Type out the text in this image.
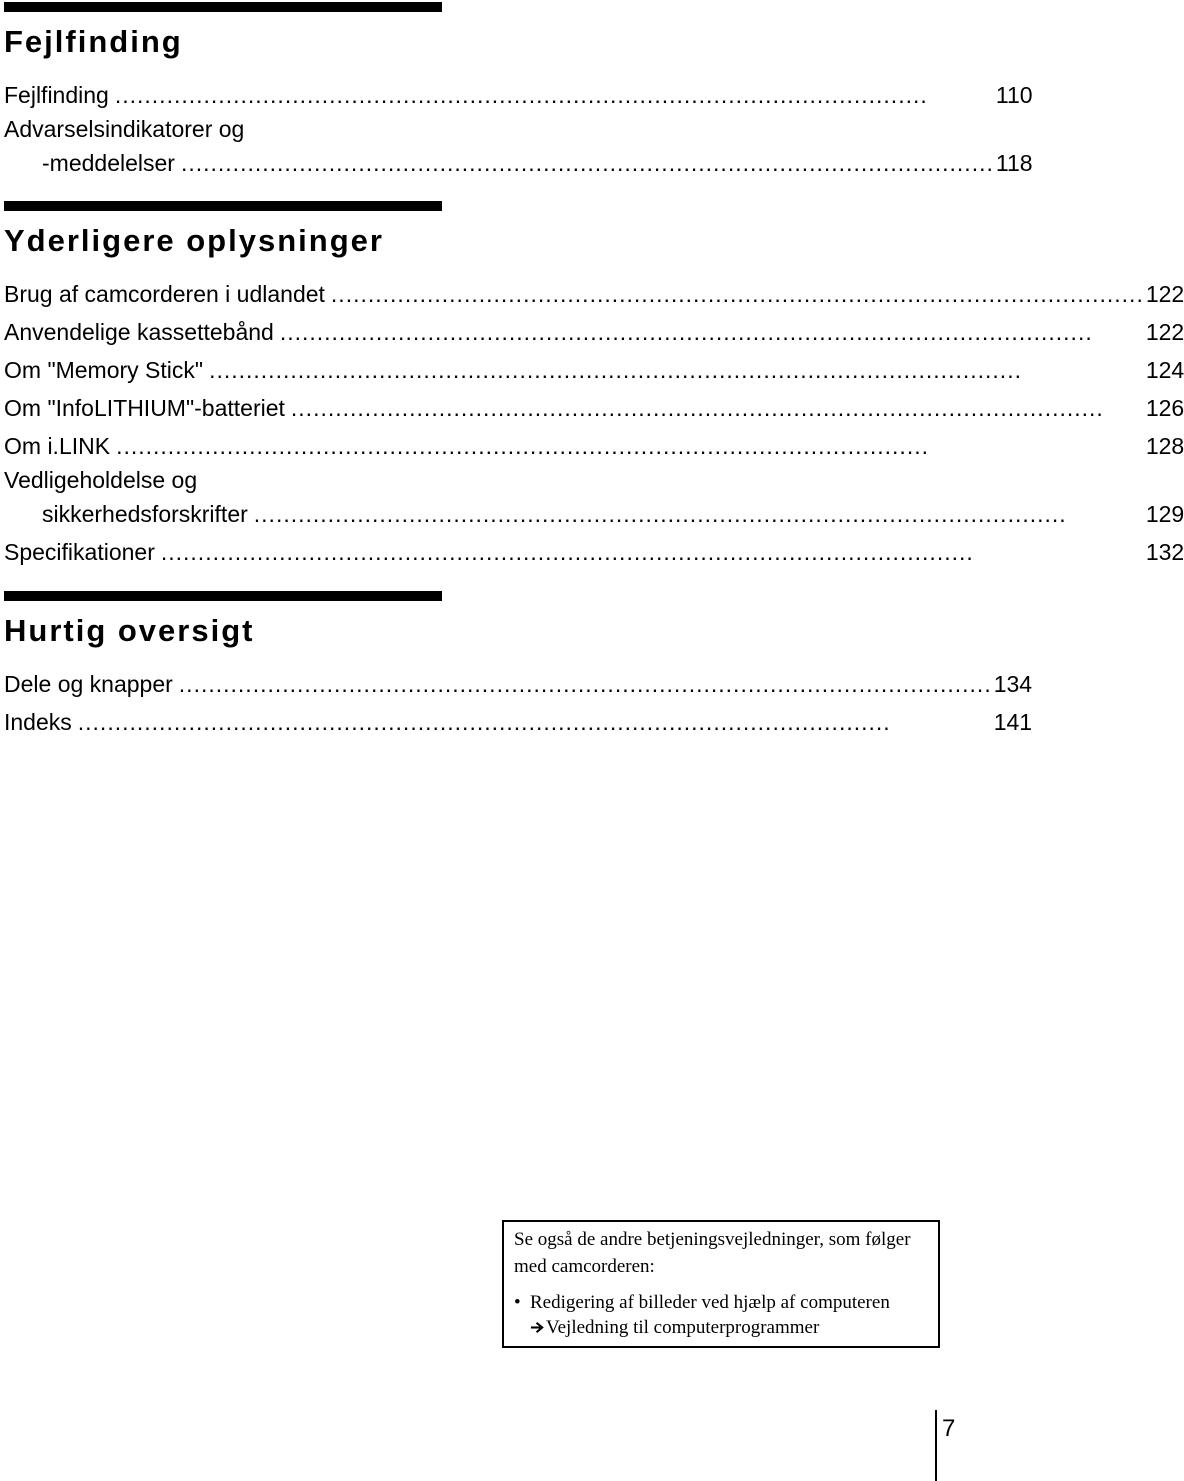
Fejlfinding
Fejlfinding .....	110
Advarselsindikatorer og
-meddelelser .....	118
Yderligere oplysninger
Brug af camcorderen i udlandet .....	122
Anvendelige kassettebånd .....	122
Om "Memory Stick" .....	124
Om "InfoLITHIUM"-batteriet .....	126
Om i.LINK .....	128
Vedligeholdelse og
sikkerhedsforskrifter .....	129
Specifikationer .....	132
Hurtig oversigt
Dele og knapper .....	134
Indeks .....	141

Se også de andre betjeningsvejledninger, som følger med camcorderen:

• Redigering af billeder ved hjælp af computeren
Vejledning til computerprogrammer
7
